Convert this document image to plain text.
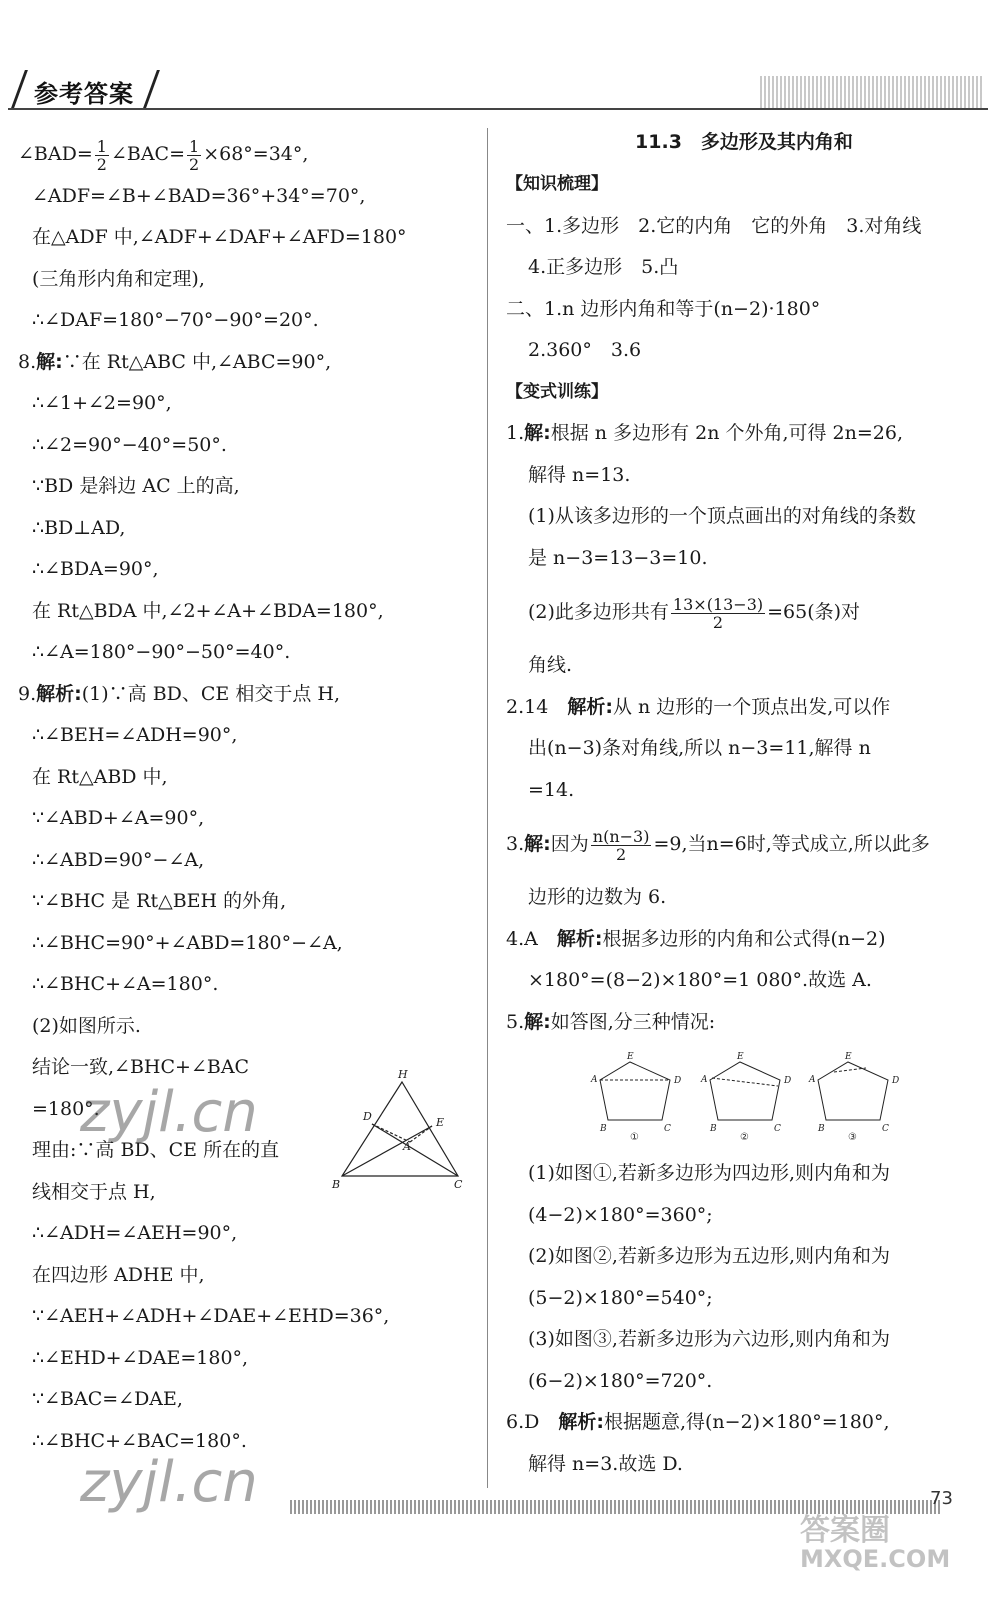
参考答案
∠BAD= $\frac{1}{2}$ ∠BAC= $\frac{1}{2} \times 68^\circ=34^\circ$,
∠ADF=∠B+∠BAD=36°+34°=70°,
在△ADF 中,∠ADF+∠DAF+∠AFD=180°
(三角形内角和定理),
∴∠DAF=180°−70°−90°=20°.
8.解:∵在 Rt△ABC 中,∠ABC=90°,
∴∠1+∠2=90°,
∴∠2=90°−40°=50°.
∵BD 是斜边 AC 上的高,
∴BD⊥AD,
∴∠BDA=90°,
在 Rt△BDA 中,∠2+∠A+∠BDA=180°,
∴∠A=180°−90°−50°=40°.
9.解析:(1)∵高 BD、CE 相交于点 H,
∴∠BEH=∠ADH=90°,
在 Rt△ABD 中,
∵∠ABD+∠A=90°,
∴∠ABD=90°−∠A,
∵∠BHC 是 Rt△BEH 的外角,
∴∠BHC=90°+∠ABD=180°−∠A,
∴∠BHC+∠A=180°.
(2)如图所示.
结论一致,∠BHC+∠BAC
=180°.
理由:∵高 BD、CE 所在的直
线相交于点 H,
∴∠ADH=∠AEH=90°,
在四边形 ADHE 中,
∵∠AEH+∠ADH+∠DAE+∠EHD=36°,
∴∠EHD+∠DAE=180°,
∵∠BAC=∠DAE,
∴∠BHC+∠BAC=180°.
H
D	E
A
B	C
11.3　多边形及其内角和
【知识梳理】
一、1.多边形　2.它的内角　它的外角　3.对角线
4.正多边形　5.凸
二、1.n 边形内角和等于(n−2)·180°
2.360°　3.6
【变式训练】
1.解:根据 n 多边形有 2n 个外角,可得 2n=26,
解得 n=13.
(1)从该多边形的一个顶点画出的对角线的条数
是 n−3=13−3=10.
(2)此多边形共有 $\frac{13\times(13-3)}{2} =65$(条)对
角线.
2.14　解析:从 n 边形的一个顶点出发,可以作
出(n−3)条对角线,所以 n−3=11,解得 n
=14.
3.解:因为 $\frac{n(n-3)}{2} =9$,当n=6时,等式成立,所以此多
边形的边数为 6.
4.A　解析:根据多边形的内角和公式得(n−2)
×180°=(8−2)×180°=1 080°.故选 A.
5.解:如答图,分三种情况:
(1)如图①,若新多边形为四边形,则内角和为
(4−2)×180°=360°;
(2)如图②,若新多边形为五边形,则内角和为
(5−2)×180°=540°;
(3)如图③,若新多边形为六边形,则内角和为
(6−2)×180°=720°.
6.D　解析:根据题意,得(n−2)×180°=180°,
解得 n=3.故选 D.
E
A	D
B	C
E
A	D
B	C
E
A	D
B	C
①	②	③
73
zyjl.cn
zyjl.cn
答案圈
MXQE.COM
